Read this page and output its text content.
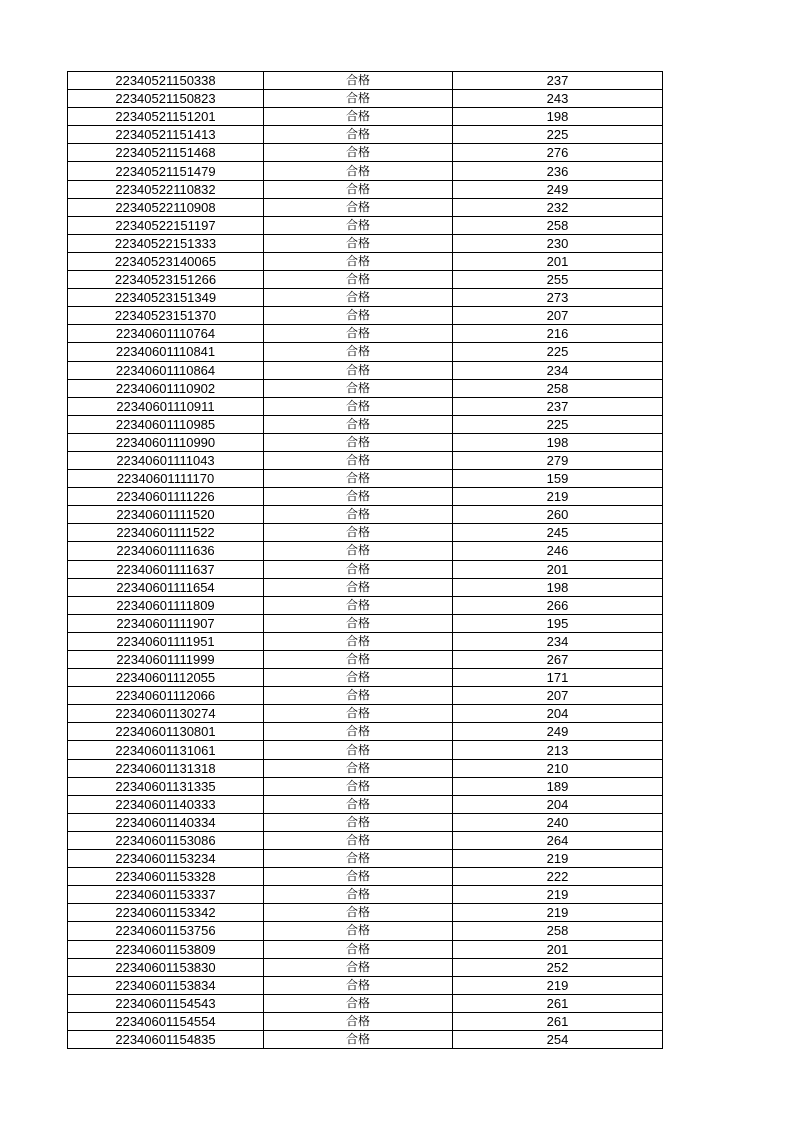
22340521150338	合格	237
22340521150823	合格	243
22340521151201	合格	198
22340521151413	合格	225
22340521151468	合格	276
22340521151479	合格	236
22340522110832	合格	249
22340522110908	合格	232
22340522151197	合格	258
22340522151333	合格	230
22340523140065	合格	201
22340523151266	合格	255
22340523151349	合格	273
22340523151370	合格	207
22340601110764	合格	216
22340601110841	合格	225
22340601110864	合格	234
22340601110902	合格	258
22340601110911	合格	237
22340601110985	合格	225
22340601110990	合格	198
22340601111043	合格	279
22340601111170	合格	159
22340601111226	合格	219
22340601111520	合格	260
22340601111522	合格	245
22340601111636	合格	246
22340601111637	合格	201
22340601111654	合格	198
22340601111809	合格	266
22340601111907	合格	195
22340601111951	合格	234
22340601111999	合格	267
22340601112055	合格	171
22340601112066	合格	207
22340601130274	合格	204
22340601130801	合格	249
22340601131061	合格	213
22340601131318	合格	210
22340601131335	合格	189
22340601140333	合格	204
22340601140334	合格	240
22340601153086	合格	264
22340601153234	合格	219
22340601153328	合格	222
22340601153337	合格	219
22340601153342	合格	219
22340601153756	合格	258
22340601153809	合格	201
22340601153830	合格	252
22340601153834	合格	219
22340601154543	合格	261
22340601154554	合格	261
22340601154835	合格	254
